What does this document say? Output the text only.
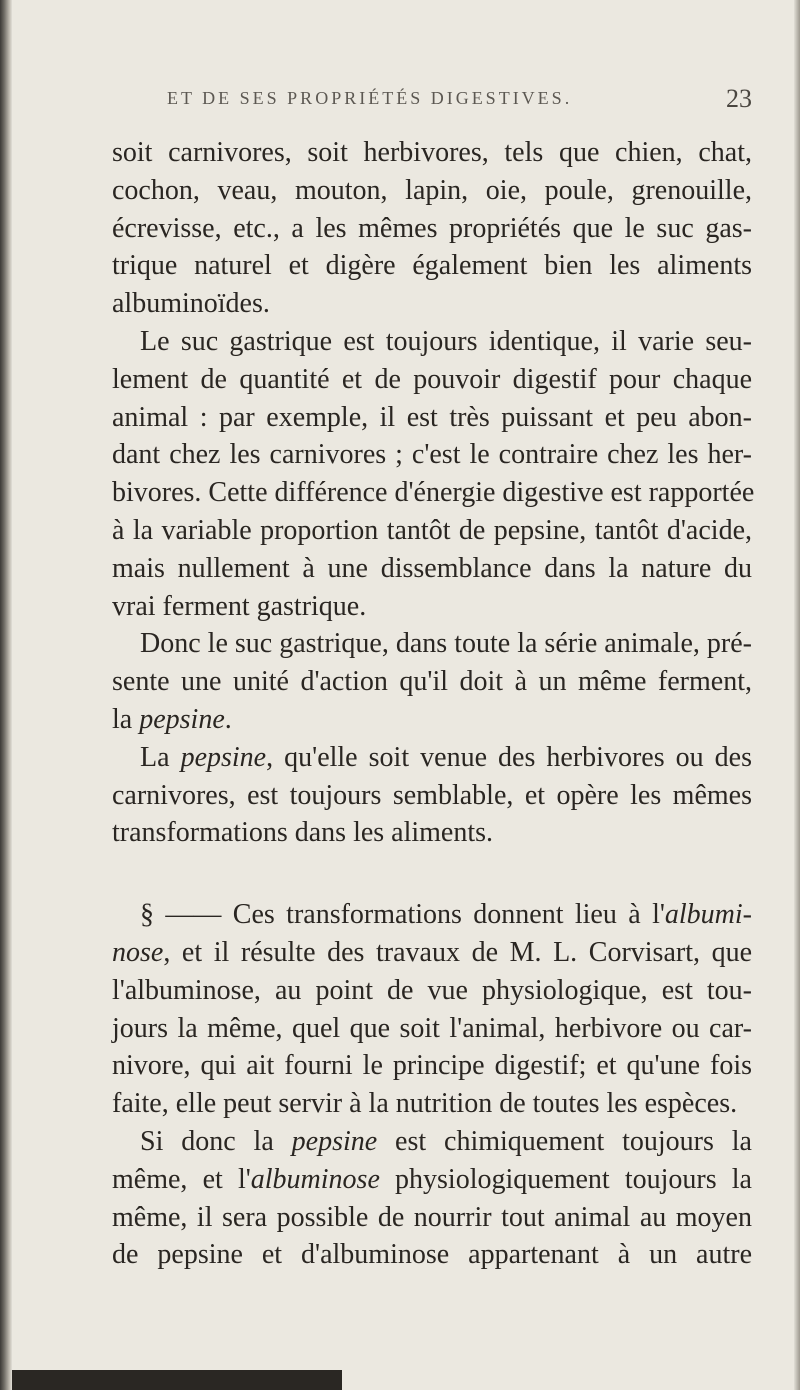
ET DE SES PROPRIÉTÉS DIGESTIVES.	23
soit carnivores, soit herbivores, tels que chien, chat,
cochon, veau, mouton, lapin, oie, poule, grenouille,
écrevisse, etc., a les mêmes propriétés que le suc gas-
trique naturel et digère également bien les aliments
albuminoïdes.
Le suc gastrique est toujours identique, il varie seu-
lement de quantité et de pouvoir digestif pour chaque
animal : par exemple, il est très puissant et peu abon-
dant chez les carnivores ; c'est le contraire chez les her-
bivores. Cette différence d'énergie digestive est rapportée
à la variable proportion tantôt de pepsine, tantôt d'acide,
mais nullement à une dissemblance dans la nature du
vrai ferment gastrique.
Donc le suc gastrique, dans toute la série animale, pré-
sente une unité d'action qu'il doit à un même ferment,
la pepsine.
La pepsine, qu'elle soit venue des herbivores ou des
carnivores, est toujours semblable, et opère les mêmes
transformations dans les aliments.
§ —— Ces transformations donnent lieu à l'albumi-
nose, et il résulte des travaux de M. L. Corvisart, que
l'albuminose, au point de vue physiologique, est tou-
jours la même, quel que soit l'animal, herbivore ou car-
nivore, qui ait fourni le principe digestif; et qu'une fois
faite, elle peut servir à la nutrition de toutes les espèces.
Si donc la pepsine est chimiquement toujours la
même, et l'albuminose physiologiquement toujours la
même, il sera possible de nourrir tout animal au moyen
de pepsine et d'albuminose appartenant à un autre
